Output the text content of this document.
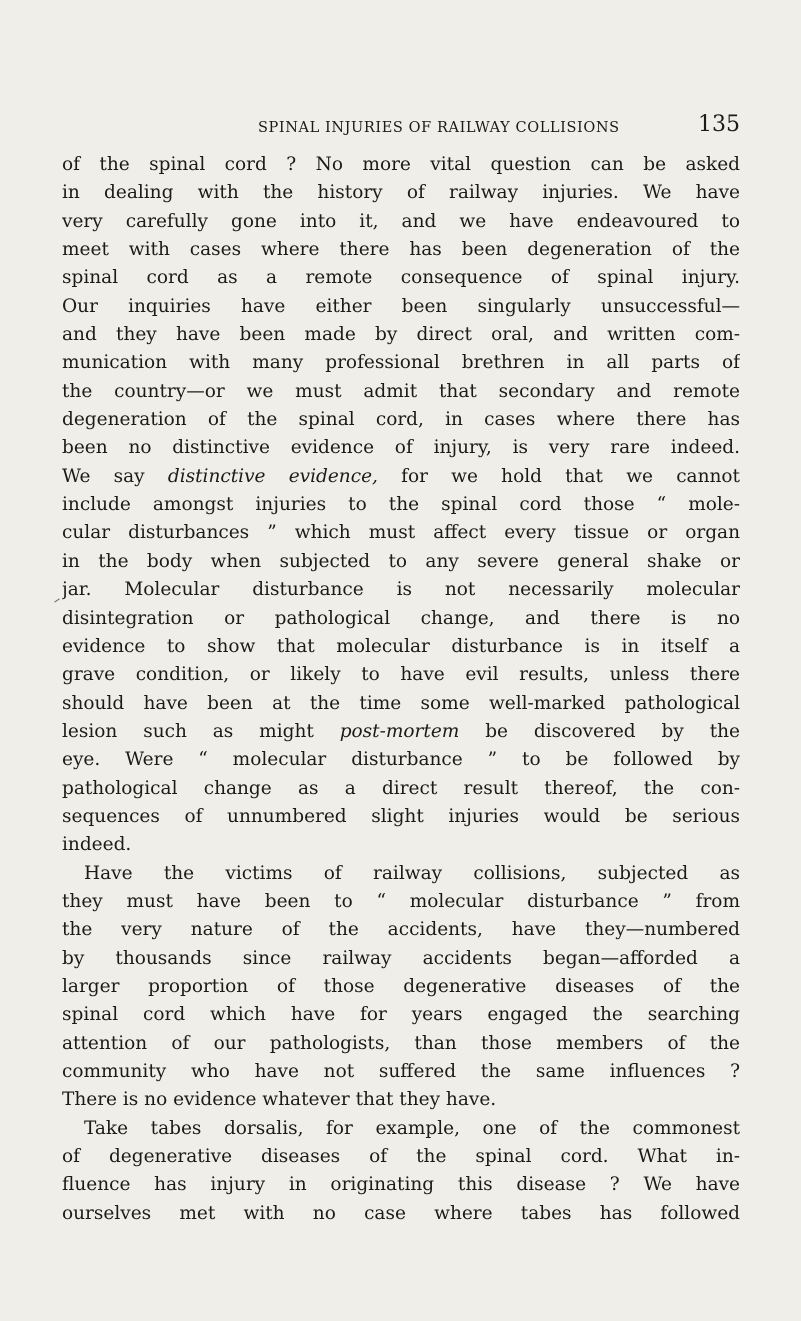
SPINAL INJURIES OF RAILWAY COLLISIONS	135
of the spinal cord ? No more vital question can be asked
in dealing with the history of railway injuries. We have
very carefully gone into it, and we have endeavoured to
meet with cases where there has been degeneration of the
spinal cord as a remote consequence of spinal injury.
Our inquiries have either been singularly unsuccessful—
and they have been made by direct oral, and written com-
munication with many professional brethren in all parts of
the country—or we must admit that secondary and remote
degeneration of the spinal cord, in cases where there has
been no distinctive evidence of injury, is very rare indeed.
We say distinctive evidence, for we hold that we cannot
include amongst injuries to the spinal cord those “ mole-
cular disturbances ” which must affect every tissue or organ
in the body when subjected to any severe general shake or
jar. Molecular disturbance is not necessarily molecular
disintegration or pathological change, and there is no
evidence to show that molecular disturbance is in itself a
grave condition, or likely to have evil results, unless there
should have been at the time some well-marked pathological
lesion such as might post-mortem be discovered by the
eye. Were “ molecular disturbance ” to be followed by
pathological change as a direct result thereof, the con-
sequences of unnumbered slight injuries would be serious
indeed.
Have the victims of railway collisions, subjected as
they must have been to “ molecular disturbance ” from
the very nature of the accidents, have they—numbered
by thousands since railway accidents began—afforded a
larger proportion of those degenerative diseases of the
spinal cord which have for years engaged the searching
attention of our pathologists, than those members of the
community who have not suffered the same influences ?
There is no evidence whatever that they have.
Take tabes dorsalis, for example, one of the commonest
of degenerative diseases of the spinal cord. What in-
fluence has injury in originating this disease ? We have
ourselves met with no case where tabes has followed
